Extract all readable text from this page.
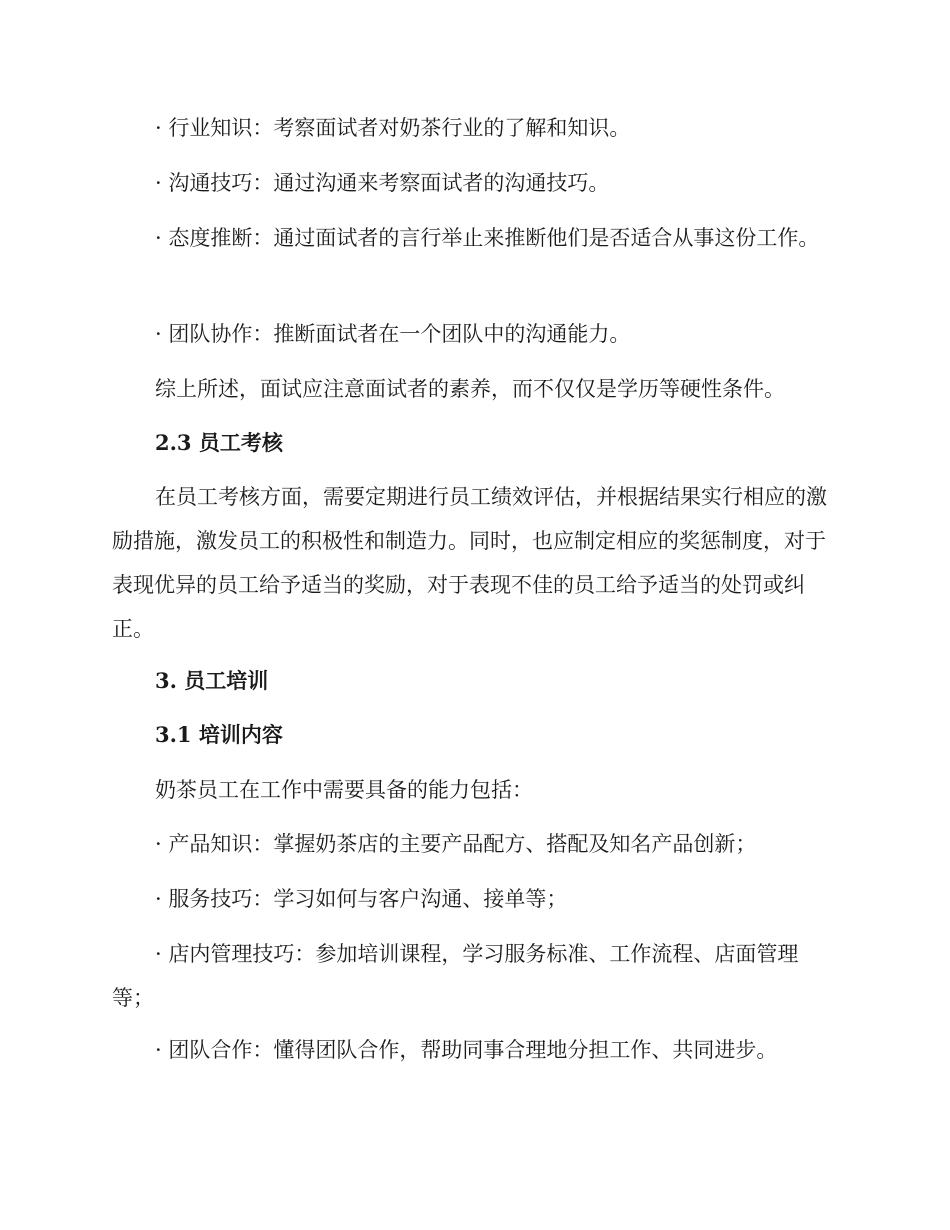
· 行业知识：考察面试者对奶茶行业的了解和知识。

· 沟通技巧：通过沟通来考察面试者的沟通技巧。

· 态度推断：通过面试者的言行举止来推断他们是否适合从事这份工作。

· 团队协作：推断面试者在一个团队中的沟通能力。

综上所述，面试应注意面试者的素养，而不仅仅是学历等硬性条件。

2.3 员工考核

在员工考核方面，需要定期进行员工绩效评估，并根据结果实行相应的激励措施，激发员工的积极性和制造力。同时，也应制定相应的奖惩制度，对于表现优异的员工给予适当的奖励，对于表现不佳的员工给予适当的处罚或纠正。

3. 员工培训

3.1 培训内容

奶茶员工在工作中需要具备的能力包括：

· 产品知识：掌握奶茶店的主要产品配方、搭配及知名产品创新；

· 服务技巧：学习如何与客户沟通、接单等；

· 店内管理技巧：参加培训课程，学习服务标准、工作流程、店面管理等；

· 团队合作：懂得团队合作，帮助同事合理地分担工作、共同进步。
